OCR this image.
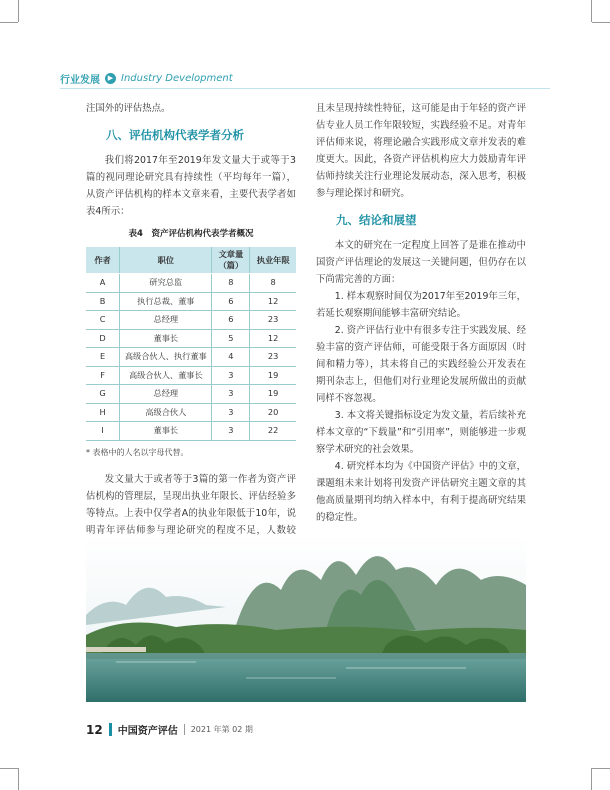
行业发展	▶ Industry Development

注国外的评估热点。

八、评估机构代表学者分析

我们将2017年至2019年发文量大于或等于3篇的视同理论研究具有持续性（平均每年一篇），从资产评估机构的样本文章来看，主要代表学者如表4所示：

表4　资产评估机构代表学者概况
作者	职位	文章量（篇）	执业年限
A	研究总监	8	8
B	执行总裁、董事	6	12
C	总经理	6	23
D	董事长	5	12
E	高级合伙人、执行董事	4	23
F	高级合伙人、董事长	3	19
G	总经理	3	19
H	高级合伙人	3	20
I	董事长	3	22
* 表格中的人名以字母代替。

发文量大于或者等于3篇的第一作者为资产评估机构的管理层，呈现出执业年限长、评估经验多等特点。上表中仅学者A的执业年限低于10年，说明青年评估师参与理论研究的程度不足，人数较

且未呈现持续性特征，这可能是由于年轻的资产评估专业人员工作年限较短，实践经验不足。对青年评估师来说，将理论融合实践形成文章并发表的难度更大。因此，各资产评估机构应大力鼓励青年评估师持续关注行业理论发展动态，深入思考，积极参与理论探讨和研究。

九、结论和展望

本文的研究在一定程度上回答了是谁在推动中国资产评估理论的发展这一关键问题，但仍存在以下尚需完善的方面：

1. 样本观察时间仅为2017年至2019年三年，若延长观察期间能够丰富研究结论。

2. 资产评估行业中有很多专注于实践发展、经验丰富的资产评估师，可能受限于各方面原因（时间和精力等），其未将自己的实践经验公开发表在期刊杂志上，但他们对行业理论发展所做出的贡献同样不容忽视。

3. 本文将关键指标设定为发文量，若后续补充样本文章的“下载量”和“引用率”，则能够进一步观察学术研究的社会效果。

4. 研究样本均为《中国资产评估》中的文章，课题组未来计划将刊发资产评估研究主题文章的其他高质量期刊均纳入样本中，有利于提高研究结果的稳定性。

12 中国资产评估	2021 年第 02 期
